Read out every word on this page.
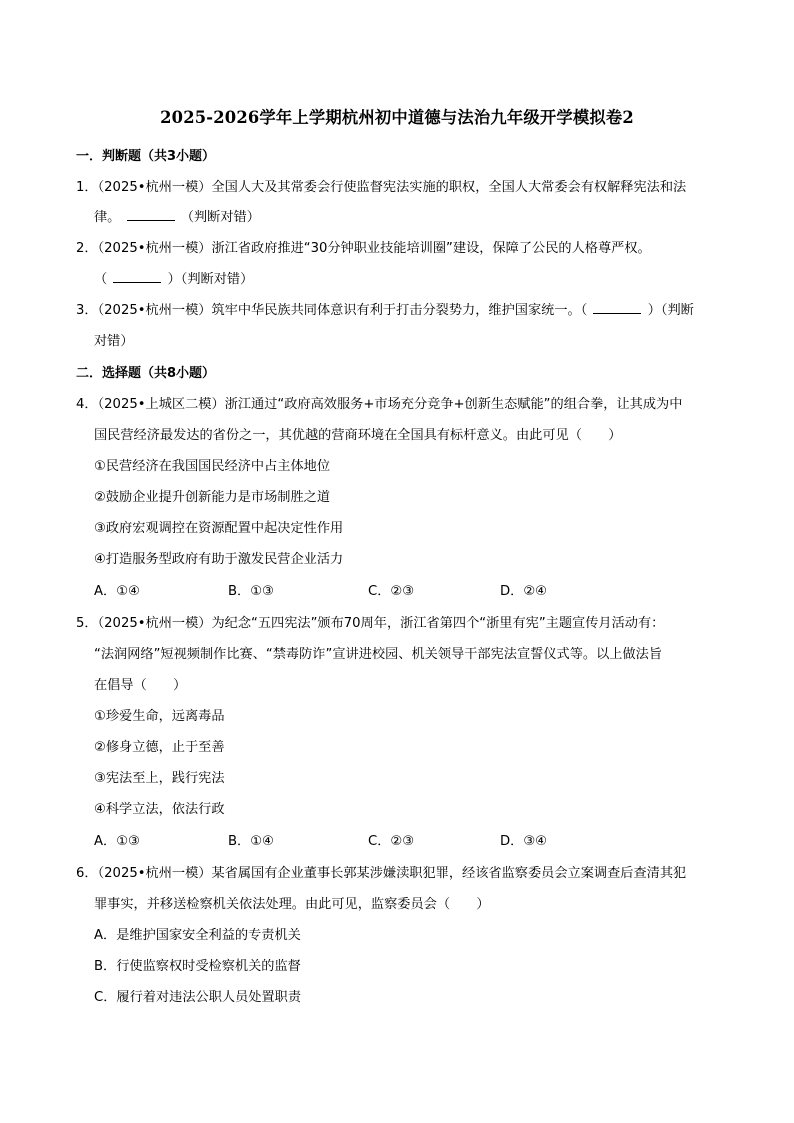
2025-2026学年上学期杭州初中道德与法治九年级开学模拟卷2
一．判断题（共3小题）
1．（2025•杭州一模）全国人大及其常委会行使监督宪法实施的职权，全国人大常委会有权解释宪法和法
律。	（判断对错）
2．（2025•杭州一模）浙江省政府推进“30分钟职业技能培训圈”建设，保障了公民的人格尊严权。
（	）（判断对错）
3．（2025•杭州一模）筑牢中华民族共同体意识有利于打击分裂势力，维护国家统一。（	）（判断
对错）
二．选择题（共8小题）
4．（2025•上城区二模）浙江通过“政府高效服务+市场充分竞争+创新生态赋能”的组合拳，让其成为中
国民营经济最发达的省份之一，其优越的营商环境在全国具有标杆意义。由此可见（　　）
①民营经济在我国国民经济中占主体地位
②鼓励企业提升创新能力是市场制胜之道
③政府宏观调控在资源配置中起决定性作用
④打造服务型政府有助于激发民营企业活力
A．①④	B．①③	C．②③	D．②④
5．（2025•杭州一模）为纪念“五四宪法”颁布70周年，浙江省第四个“浙里有宪”主题宣传月活动有：
“法润网络”短视频制作比赛、“禁毒防诈”宣讲进校园、机关领导干部宪法宣誓仪式等。以上做法旨
在倡导（　　）
①珍爱生命，远离毒品
②修身立德，止于至善
③宪法至上，践行宪法
④科学立法，依法行政
A．①③	B．①④	C．②③	D．③④
6．（2025•杭州一模）某省属国有企业董事长郭某涉嫌渎职犯罪，经该省监察委员会立案调查后查清其犯
罪事实，并移送检察机关依法处理。由此可见，监察委员会（　　）
A．是维护国家安全利益的专责机关
B．行使监察权时受检察机关的监督
C．履行着对违法公职人员处置职责
